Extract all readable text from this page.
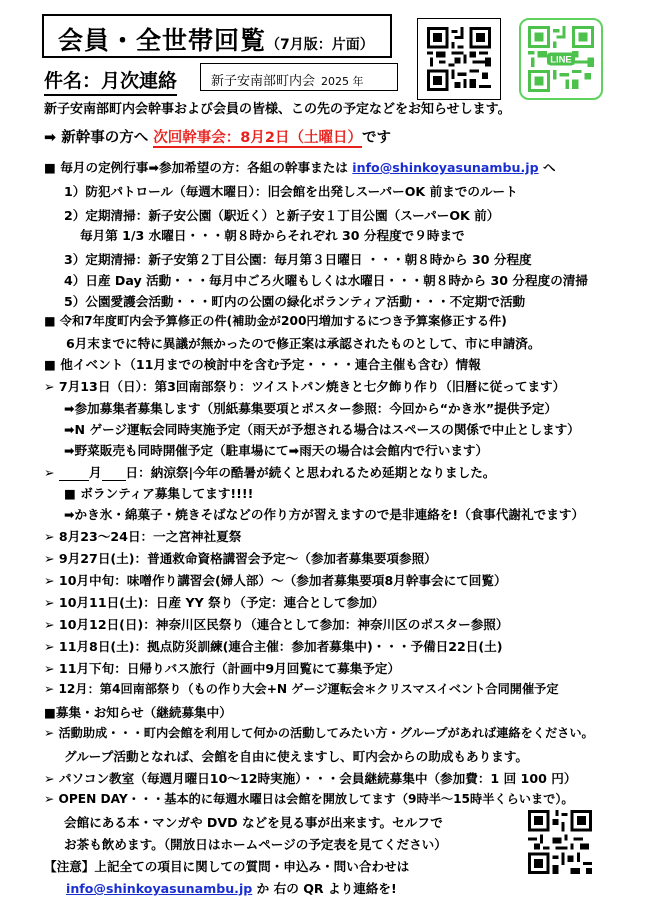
会員・全世帯回覧（7月版：片面）
件名：月次連絡	新子安南部町内会 2025 年
LINE
新子安南部町内会幹事および会員の皆様、この先の予定などをお知らせします。
➡ 新幹事の方へ 次回幹事会：8月2日（土曜日）です
■ 毎月の定例行事➡参加希望の方：各組の幹事または info@shinkoyasunambu.jp へ
1）防犯パトロール（毎週木曜日）：旧会館を出発しスーパーOK 前までのルート
2）定期清掃：新子安公園（駅近く）と新子安１丁目公園（スーパーOK 前）
毎月第 1/3 水曜日・・・朝８時からそれぞれ 30 分程度で９時まで
3）定期清掃：新子安第２丁目公園：毎月第３日曜日 ・・・朝８時から 30 分程度
4）日産 Day 活動・・・毎月中ごろ火曜もしくは水曜日・・・朝８時から 30 分程度の清掃
5）公園愛護会活動・・・町内の公園の緑化ボランティア活動・・・不定期で活動
■ 令和7年度町内会予算修正の件(補助金が200円増加するにつき予算案修正する件)
6月末までに特に異議が無かったので修正案は承認されたものとして、市に申請済。
■ 他イベント（11月までの検討中を含む予定・・・・連合主催も含む）情報
➢ 7月13日（日）：第3回南部祭り：ツイストパン焼きと七夕飾り作り（旧暦に従ってます）
➡参加募集者募集します（別紙募集要項とポスター参照：今回から“かき氷”提供予定）
➡N ゲージ運転会同時実施予定（雨天が予想される場合はスペースの関係で中止とします）
➡野菜販売も同時開催予定（駐車場にて➡雨天の場合は会館内で行います）
➢	月 日：納涼祭|今年の酷暑が続くと思われるため延期となりました。
■ ボランティア募集してます!!!!
➡かき氷・綿菓子・焼きそばなどの作り方が習えますので是非連絡を!（食事代謝礼でます）
➢ 8月23～24日：一之宮神社夏祭
➢ 9月27日(土)：普通救命資格講習会予定～（参加者募集要項参照）
➢ 10月中旬：味噌作り講習会(婦人部）～（参加者募集要項8月幹事会にて回覧）
➢ 10月11日(土)：日産 YY 祭り（予定：連合として参加）
➢ 10月12日(日)：神奈川区民祭り（連合として参加：神奈川区のポスター参照）
➢ 11月8日(土)：拠点防災訓練(連合主催：参加者募集中)・・・予備日22日(土)
➢ 11月下旬：日帰りバス旅行（計画中9月回覧にて募集予定）
➢ 12月：第4回南部祭り（もの作り大会+N ゲージ運転会＊クリスマスイベント合同開催予定
■募集・お知らせ（継続募集中）
➢ 活動助成・・・町内会館を利用して何かの活動してみたい方・グループがあれば連絡をください。
グループ活動となれば、会館を自由に使えますし、町内会からの助成もあります。
➢ パソコン教室（毎週月曜日10～12時実施）・・・会員継続募集中（参加費：1 回 100 円）
➢ OPEN DAY・・・基本的に毎週水曜日は会館を開放してます（9時半～15時半くらいまで）。
会館にある本・マンガや DVD などを見る事が出来ます。セルフで
お茶も飲めます。（開放日はホームページの予定表を見てください）
【注意】上記全ての項目に関しての質問・申込み・問い合わせは
info@shinkoyasunambu.jp か 右の QR より連絡を!
